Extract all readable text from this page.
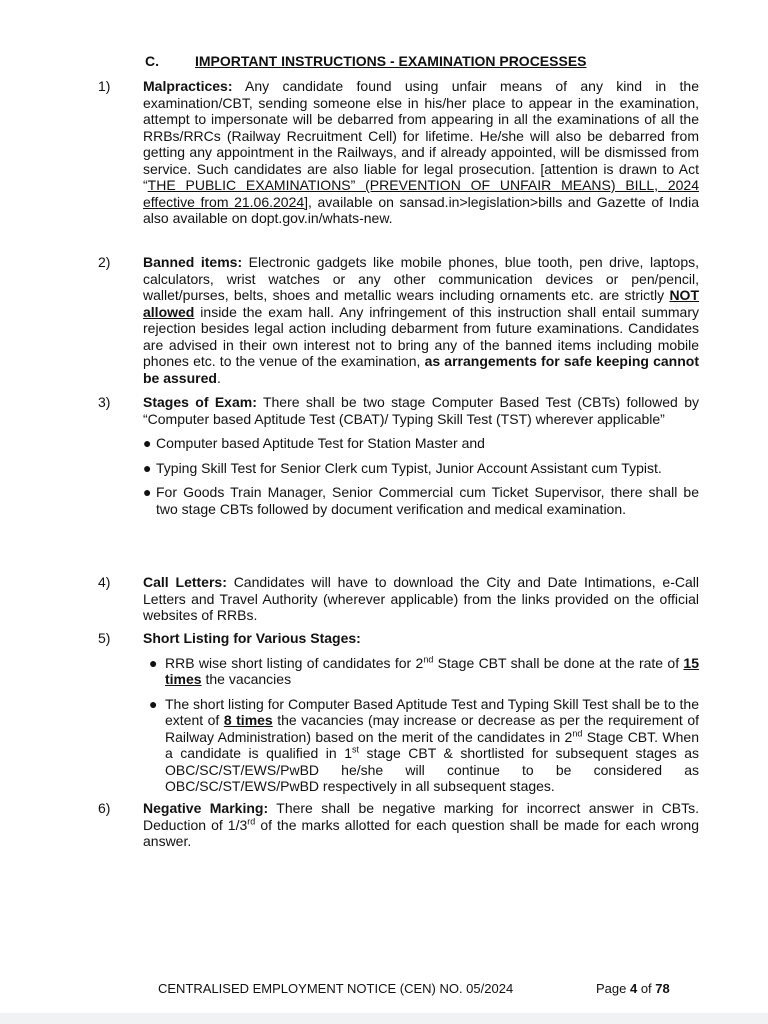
C.	IMPORTANT INSTRUCTIONS - EXAMINATION PROCESSES
1) Malpractices: Any candidate found using unfair means of any kind in the examination/CBT, sending someone else in his/her place to appear in the examination, attempt to impersonate will be debarred from appearing in all the examinations of all the RRBs/RRCs (Railway Recruitment Cell) for lifetime. He/she will also be debarred from getting any appointment in the Railways, and if already appointed, will be dismissed from service. Such candidates are also liable for legal prosecution. [attention is drawn to Act “THE PUBLIC EXAMINATIONS” (PREVENTION OF UNFAIR MEANS) BILL, 2024 effective from 21.06.2024], available on sansad.in>legislation>bills and Gazette of India also available on dopt.gov.in/whats-new.
2) Banned items: Electronic gadgets like mobile phones, blue tooth, pen drive, laptops, calculators, wrist watches or any other communication devices or pen/pencil, wallet/purses, belts, shoes and metallic wears including ornaments etc. are strictly NOT allowed inside the exam hall. Any infringement of this instruction shall entail summary rejection besides legal action including debarment from future examinations. Candidates are advised in their own interest not to bring any of the banned items including mobile phones etc. to the venue of the examination, as arrangements for safe keeping cannot be assured.
3) Stages of Exam: There shall be two stage Computer Based Test (CBTs) followed by “Computer based Aptitude Test (CBAT)/ Typing Skill Test (TST) wherever applicable”
● Computer based Aptitude Test for Station Master and
● Typing Skill Test for Senior Clerk cum Typist, Junior Account Assistant cum Typist.
● For Goods Train Manager, Senior Commercial cum Ticket Supervisor, there shall be two stage CBTs followed by document verification and medical examination.
4) Call Letters: Candidates will have to download the City and Date Intimations, e-Call Letters and Travel Authority (wherever applicable) from the links provided on the official websites of RRBs.
5) Short Listing for Various Stages:
● RRB wise short listing of candidates for 2nd Stage CBT shall be done at the rate of 15 times the vacancies
● The short listing for Computer Based Aptitude Test and Typing Skill Test shall be to the extent of 8 times the vacancies (may increase or decrease as per the requirement of Railway Administration) based on the merit of the candidates in 2nd Stage CBT. When a candidate is qualified in 1st stage CBT & shortlisted for subsequent stages as OBC/SC/ST/EWS/PwBD he/she will continue to be considered as OBC/SC/ST/EWS/PwBD respectively in all subsequent stages.
6) Negative Marking: There shall be negative marking for incorrect answer in CBTs. Deduction of 1/3rd of the marks allotted for each question shall be made for each wrong answer.
CENTRALISED EMPLOYMENT NOTICE (CEN) NO. 05/2024	Page 4 of 78
